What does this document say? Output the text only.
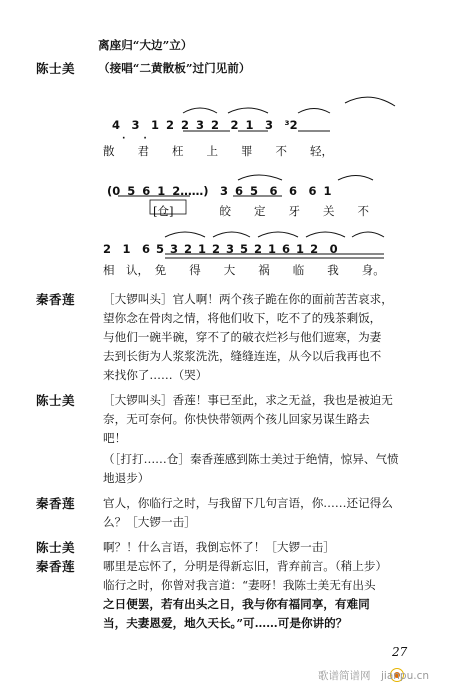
离座归“大边”立）
陈士美 （接唱“二黄散板”过门见前）
4　3　1 2 2 3 2　2 1　3　³2
·　　·
散　　君　　枉　　上　　罪　　不　　轻，
(0 5 6 1 2……)　3 6 5　6　6　6 1
[仓]　　　　皎　　定　　牙　　关　　不
2　1　6 5 3 2 1 2 3 5 2 1 6 1 2　0
相　认，　免　　得　　大　　祸　　临　　我　　身。
秦香莲 ［大锣叫头］官人啊！两个孩子跪在你的面前苦苦哀求，
望你念在骨肉之情，将他们收下，吃不了的残茶剩饭，
与他们一碗半碗，穿不了的破衣烂衫与他们遮寒，为妻
去到长街为人浆浆洗洗，缝缝连连，从今以后我再也不
来找你了……（哭）
陈士美 ［大锣叫头］香莲！事已至此，求之无益，我也是被迫无
奈，无可奈何。你快快带领两个孩儿回家另谋生路去
吧！
（［打打……仓］秦香莲感到陈士美过于绝情，惊异、气愤
地退步）
秦香莲 官人，你临行之时，与我留下几句言语，你……还记得么
么？［大锣一击］
陈士美 啊？！什么言语，我倒忘怀了！［大锣一击］
秦香莲 哪里是忘怀了，分明是得新忘旧，背弃前言。（稍上步）
临行之时，你曾对我言道：“妻呀！我陈士美无有出头
之日便罢，若有出头之日，我与你有福同享，有难同
当，夫妻恩爱，地久天长。”可……可是你讲的？
27
歌谱简谱网　jianpu.cn
